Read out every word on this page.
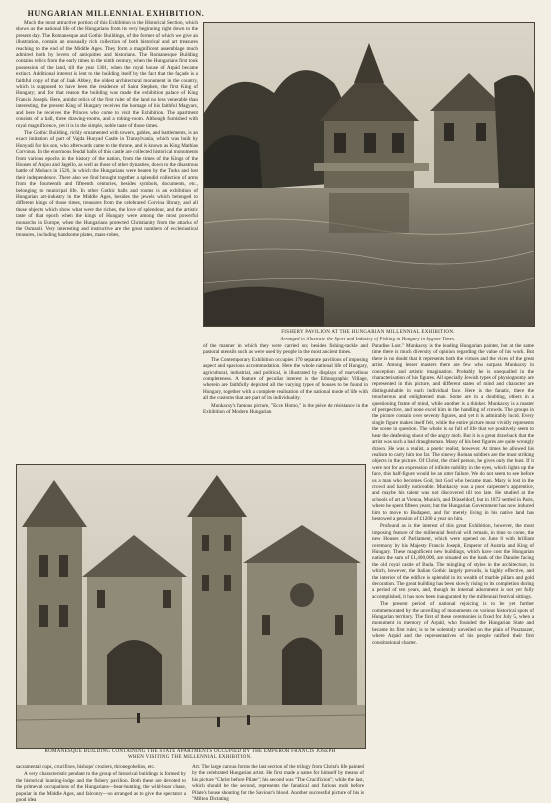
HUNGARIAN MILLENNIAL EXHIBITION.

Much the most attractive portion of this Exhibition is the Historical Section, which shows us the national life of the Hungarians from its very beginning right down to the present day. The Romanesque and Gothic Buildings, of the former of which we give an illustration, contain an unusually rich collection of both historical and art treasures reaching to the end of the Middle Ages. They form a magnificent assemblage much admired both by lovers of antiquities and historians. The Romanesque Building contains relics from the early times in the ninth century, when the Hungarians first took possession of the land, till the year 1301, when the royal house of Arpád became extinct. Additional interest is lent to the building itself by the fact that the façade is a faithful copy of that of Jaak Abbey, the oldest architectural monument in the country, which is supposed to have been the residence of Saint Stephen, the first King of Hungary; and for that reason the building was made the exhibition palace of King Francis Joseph. Here, amidst relics of the first ruler of the land no less venerable than interesting, the present King of Hungary receives the homage of his faithful Magyars, and here he receives the Princes who come to visit the Exhibition. The apartment consists of a hall, three drawing-rooms, and a robing-room. Although furnished with royal magnificence, yet it is in the simple, noble taste of those times.

The Gothic Building, richly ornamented with towers, gables, and battlements, is an exact imitation of part of Vajda Hunyad Castle in Transylvania, which was built by Hunyadi for his son, who afterwards came to the throne, and is known as King Mathias Corvinus. In the enormous feudal halls of this castle are collected historical monuments from various epochs in the history of the nation, from the times of the Kings of the Houses of Anjou and Jagello, as well as those of other dynasties, down to the disastrous battle of Mohacs in 1526, in which the Hungarians were beaten by the Turks and lost their independence. There also we find brought together a splendid collection of arms from the fourteenth and fifteenth centuries, besides symbols, documents, etc., belonging to municipal life. In other Gothic halls and rooms is an exhibition of Hungarian art-industry in the Middle Ages, besides the jewels which belonged to different kings of those times, treasures from the celebrated Corvina library, and all those objects which show what were the riches, the love of splendour, and the artistic taste of that epoch when the kings of Hungary were among the most powerful monarchs in Europe, when the Hungarians protected Christianity from the attacks of the Osmanli. Very interesting and instructive are the great numbers of ecclesiastical treasures, including handsome plates, mass-robes,

FISHERY PAVILION AT THE HUNGARIAN MILLENNIAL EXHIBITION.
Arranged to illustrate the Sport and Industry of Fishing in Hungary in bygone Times.

of the manner in which they were carried on; besides fishing-tackle and pastoral utensils such as were used by people in the most ancient times.

The Contemporary Exhibition occupies 170 separate pavilions of imposing aspect and spacious accommodation. Here the whole national life of Hungary, agricultural, industrial, and political, is illustrated by displays of marvellous completeness. A feature of peculiar interest is the Ethnographic Village, wherein are faithfully depicted all the varying types of houses to be found in Hungary, together with a complete realisation of the national mode of life with all the customs that are part of its individuality.

Munkacsy's famous picture, "Ecce Homo," is the pièce de résistance in the Exhibition of Modern Hungarian

Paradise Lost." Munkacsy is the leading Hungarian painter, but at the same time there is much diversity of opinion regarding the value of his work. But there is no doubt that it represents both the virtues and the vices of the great artist. Among lesser masters there are few who surpass Munkacsy in conception and artistic imagination. Probably he is unequalled in the characterisation of his figures. All specially Jewish types of physiognomy are represented in this picture, and different states of mind and character are distinguishable in each individual face. Here is the fanatic, there the treacherous and enlightened man. Some are in a doubting, others in a questioning frame of mind, while another is a thinker. Munkacsy is a master of perspective, and none excel him in the handling of crowds. The groups in the picture contain over seventy figures, and yet it is admirably lucid. Every single figure makes itself felt, while the entire picture most vividly represents the scene in question. The whole is so full of life that we positively seem to hear the deafening shout of the angry mob. But it is a great drawback that the artist was such a bad draughtsman. Many of his best figures are quite wrongly drawn. He was a realist, a poetic realist, however. At times he allowed his realism to carry him too far. The sinewy Roman soldiers are the most striking objects in the picture. Of Christ, the chief person, he gives only the bust. If it were not for an expression of infinite nobility in the eyes, which lights up the face, this half-figure would be an utter failure. We do not seem to see before us a man who becomes God, but God who became man. Mary is lost in the crowd and hardly noticeable. Munkacsy was a poor carpenter's apprentice, and maybe his talent was not discovered till too late. He studied at the schools of art at Vienna, Munich, and Düsseldorf, but in 1872 settled in Paris, where he spent fifteen years; but the Hungarian Government has now induced him to move to Budapest, and for merely living in his native land has bestowed a pension of £1200 a year on him.

Profound as is the interest of this great Exhibition, however, the most imposing feature of the millennial festival will remain, in time to come, the new Houses of Parliament, which were opened on June 8 with brilliant ceremony by his Majesty Francis Joseph, Emperor of Austria and King of Hungary. These magnificent new buildings, which have cost the Hungarian nation the sum of £1,400,000, are situated on the bank of the Danube facing the old royal castle of Buda. The mingling of styles in the architecture, in which, however, the Italian Gothic largely prevails, is highly effective, and the interior of the edifice is splendid in its wealth of marble pillars and gold decoration. The great building has been slowly rising to its completion during a period of ten years, and, though its internal adornment is not yet fully accomplished, it has now been inaugurated by the millennial festival sittings.

The present period of national rejoicing is to be yet further commemorated by the unveiling of monuments on various historical spots of Hungarian territory. The first of these ceremonies is fixed for July 5, when a monument in memory of Arpád, who founded the Hungarian State and became its first ruler, is to be solemnly unveiled on the plain of Pusztaszer, where Arpád and the representatives of his people ratified their first constitutional charter.

ROMANESQUE BUILDING CONTAINING THE STATE APARTMENTS OCCUPIED BY THE EMPEROR FRANCIS JOSEPH
WHEN VISITING THE MILLENNIAL EXHIBITION.

sacramental cups, crucifixes, bishops' croziers, thronegobelins, etc.

A very characteristic pendant to the group of historical buildings is formed by the historical hunting-lodge and the fishery pavilion. Both these are devoted to the primeval occupations of the Hungarians—bear-hunting, the wild-boar chase, popular in the Middle Ages, and falconry—so arranged as to give the spectator a good idea

Art. The large canvas forms the last section of the trilogy from Christ's life painted by the celebrated Hungarian artist. He first made a name for himself by means of his picture "Christ before Pilate"; his second was "The Crucifixion"; while the last, which should be the second, represents the fanatical and furious mob before Pilate's house shouting for the Saviour's blood. Another successful picture of his is "Milton Dictating
